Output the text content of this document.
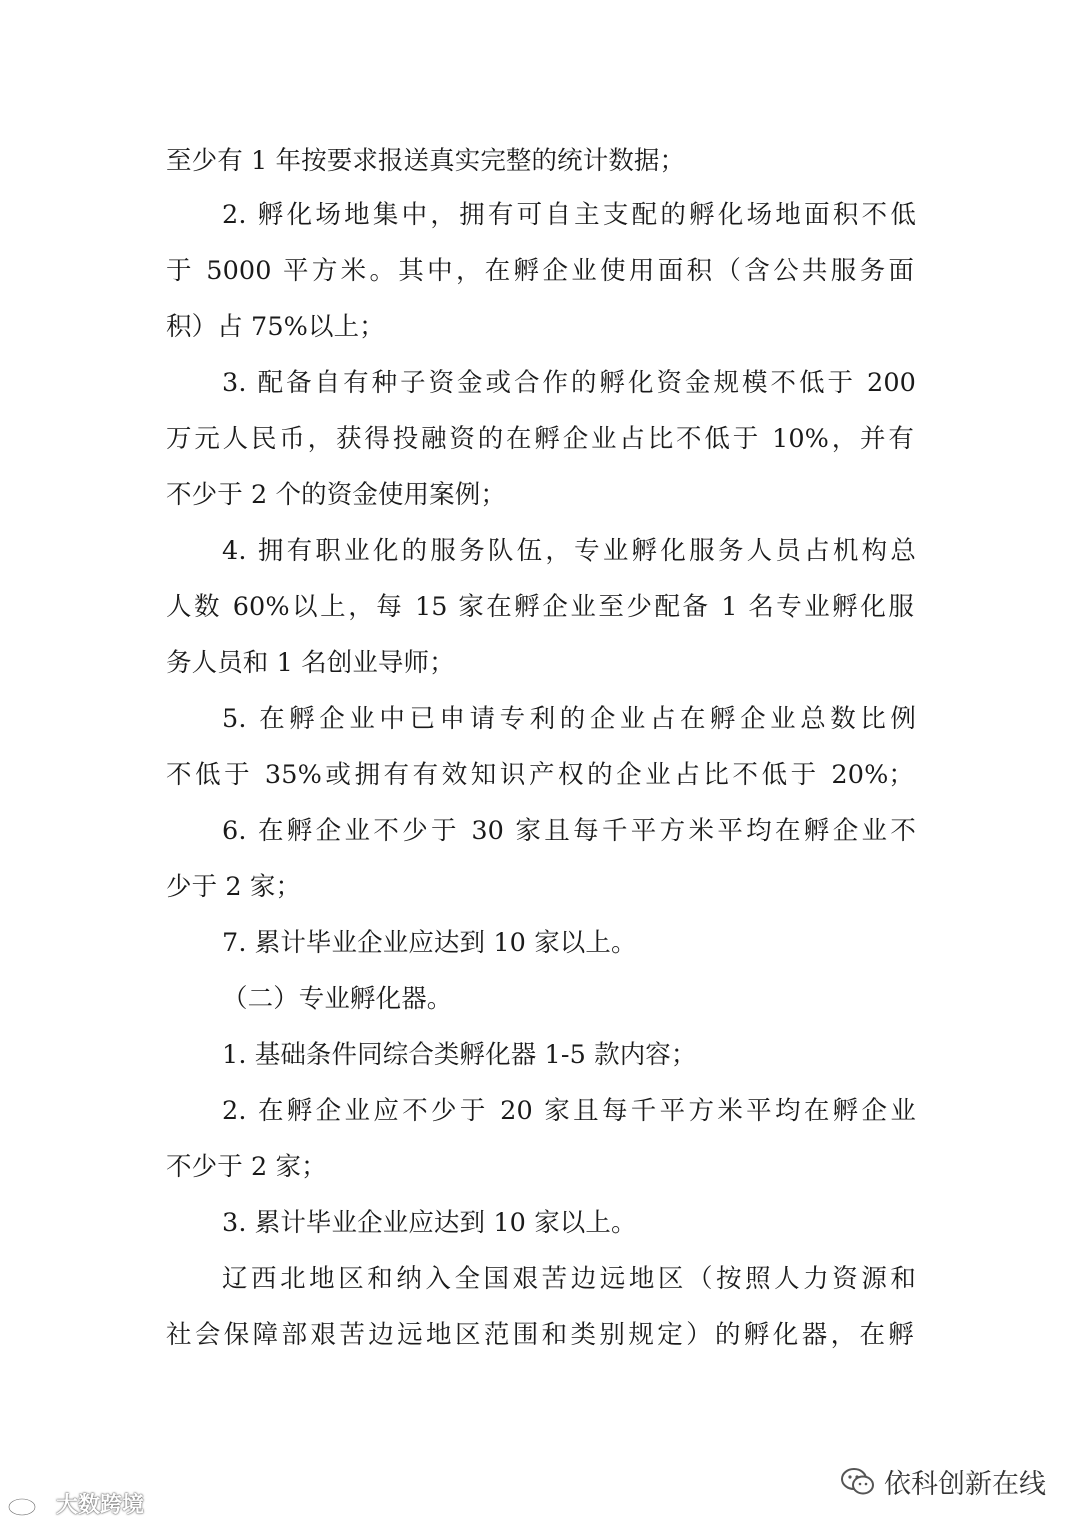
至少有 1 年按要求报送真实完整的统计数据；
2. 孵化场地集中，拥有可自主支配的孵化场地面积不低
于 5000 平方米。其中，在孵企业使用面积（含公共服务面
积）占 75%以上；
3. 配备自有种子资金或合作的孵化资金规模不低于 200
万元人民币，获得投融资的在孵企业占比不低于 10%，并有
不少于 2 个的资金使用案例；
4. 拥有职业化的服务队伍，专业孵化服务人员占机构总
人数 60%以上，每 15 家在孵企业至少配备 1 名专业孵化服
务人员和 1 名创业导师；
5. 在孵企业中已申请专利的企业占在孵企业总数比例
不低于 35%或拥有有效知识产权的企业占比不低于 20%；
6. 在孵企业不少于 30 家且每千平方米平均在孵企业不
少于 2 家；
7. 累计毕业企业应达到 10 家以上。
（二）专业孵化器。
1. 基础条件同综合类孵化器 1-5 款内容；
2. 在孵企业应不少于 20 家且每千平方米平均在孵企业
不少于 2 家；
3. 累计毕业企业应达到 10 家以上。
辽西北地区和纳入全国艰苦边远地区（按照人力资源和
社会保障部艰苦边远地区范围和类别规定）的孵化器，在孵
依科创新在线
大数跨境
